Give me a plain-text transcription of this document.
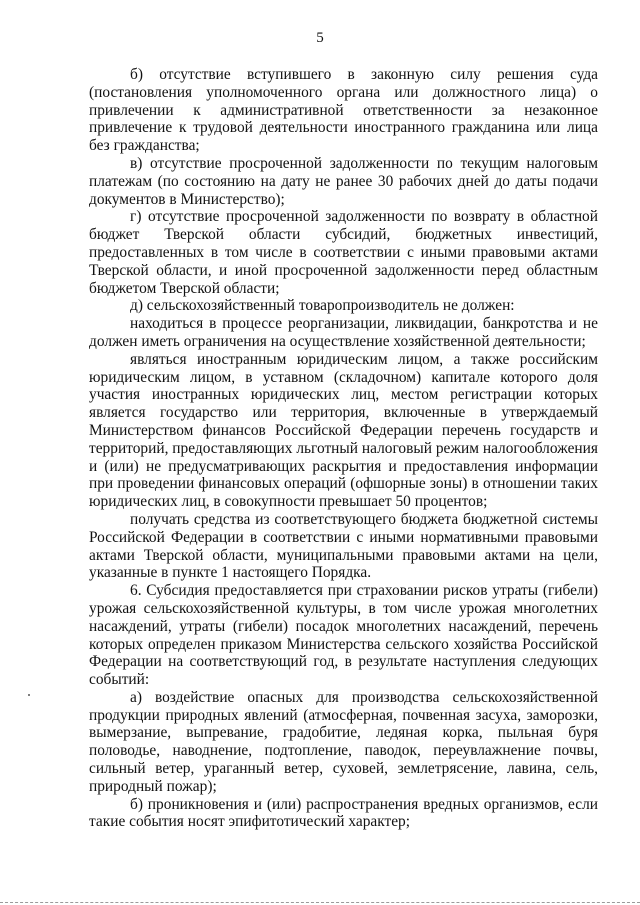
5

б) отсутствие вступившего в законную силу решения суда (постановления уполномоченного органа или должностного лица) о привлечении к административной ответственности за незаконное привлечение к трудовой деятельности иностранного гражданина или лица без гражданства;

в) отсутствие просроченной задолженности по текущим налоговым платежам (по состоянию на дату не ранее 30 рабочих дней до даты подачи документов в Министерство);

г) отсутствие просроченной задолженности по возврату в областной бюджет Тверской области субсидий, бюджетных инвестиций, предоставленных в том числе в соответствии с иными правовыми актами Тверской области, и иной просроченной задолженности перед областным бюджетом Тверской области;

д) сельскохозяйственный товаропроизводитель не должен:

находиться в процессе реорганизации, ликвидации, банкротства и не должен иметь ограничения на осуществление хозяйственной деятельности;

являться иностранным юридическим лицом, а также российским юридическим лицом, в уставном (складочном) капитале которого доля участия иностранных юридических лиц, местом регистрации которых является государство или территория, включенные в утверждаемый Министерством финансов Российской Федерации перечень государств и территорий, предоставляющих льготный налоговый режим налогообложения и (или) не предусматривающих раскрытия и предоставления информации при проведении финансовых операций (офшорные зоны) в отношении таких юридических лиц, в совокупности превышает 50 процентов;

получать средства из соответствующего бюджета бюджетной системы Российской Федерации в соответствии с иными нормативными правовыми актами Тверской области, муниципальными правовыми актами на цели, указанные в пункте 1 настоящего Порядка.

6. Субсидия предоставляется при страховании рисков утраты (гибели) урожая сельскохозяйственной культуры, в том числе урожая многолетних насаждений, утраты (гибели) посадок многолетних насаждений, перечень которых определен приказом Министерства сельского хозяйства Российской Федерации на соответствующий год, в результате наступления следующих событий:

а) воздействие опасных для производства сельскохозяйственной продукции природных явлений (атмосферная, почвенная засуха, заморозки, вымерзание, выпревание, градобитие, ледяная корка, пыльная буря половодье, наводнение, подтопление, паводок, переувлажнение почвы, сильный ветер, ураганный ветер, суховей, землетрясение, лавина, сель, природный пожар);

б) проникновения и (или) распространения вредных организмов, если такие события носят эпифитотический характер;
